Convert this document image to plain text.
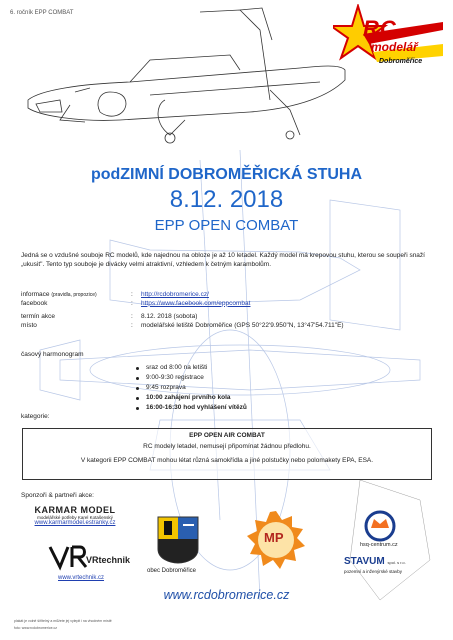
6. ročník EPP COMBAT
RC
modelář
Dobroměřice
podZIMNÍ DOBROMĚŘICKÁ STUHA
8.12. 2018
EPP OPEN COMBAT
Jedná se o vzdušné souboje RC modelů, kde najednou na obloze je až 10 letadel. Každý model má krepovou stuhu, kterou se soupeři snaží „ukusit". Tento typ souboje je divácky velmi atraktivní, vzhledem k četným karambolům.
informace (pravidla, propozice)	:	http://rcdobromerice.cz/
facebook	:	https://www.facebook.com/eppcombat
termín akce	:	8.12. 2018 (sobota)
místo	:	modelářské letiště Dobroměřice (GPS 50°22'9.950"N, 13°47'54.711"E)
časový harmonogram
sraz od 8:00 na letišti
9:00-9:30 registrace
9:45 rozprava
10:00 zahájení prvního kola
16:00-16:30 hod vyhlášení vítězů
kategorie:
EPP OPEN AIR COMBAT
RC modely letadel, nemusejí připomínat žádnou předlohu.
V kategorii EPP COMBAT mohou létat různá samokřídla a jiné polstučky nebo polomakety EPA, ESA.
Sponzoři & partneři akce:
KARMAR MODEL
modelářské potřeby Karel Kotašenský
www.karmarmodel.estranky.cz
VRtechnik
www.vrtechnik.cz
obec Dobroměřice
MP	hsq-centrum.cz
STAVUM spol. s r.o.
pozemní a inženýrské stavby
www.rcdobromerice.cz
plakát je volně šířitelný a můžete jej vylepit i na vhodném místě
foto: www.rcdobromerice.cz
